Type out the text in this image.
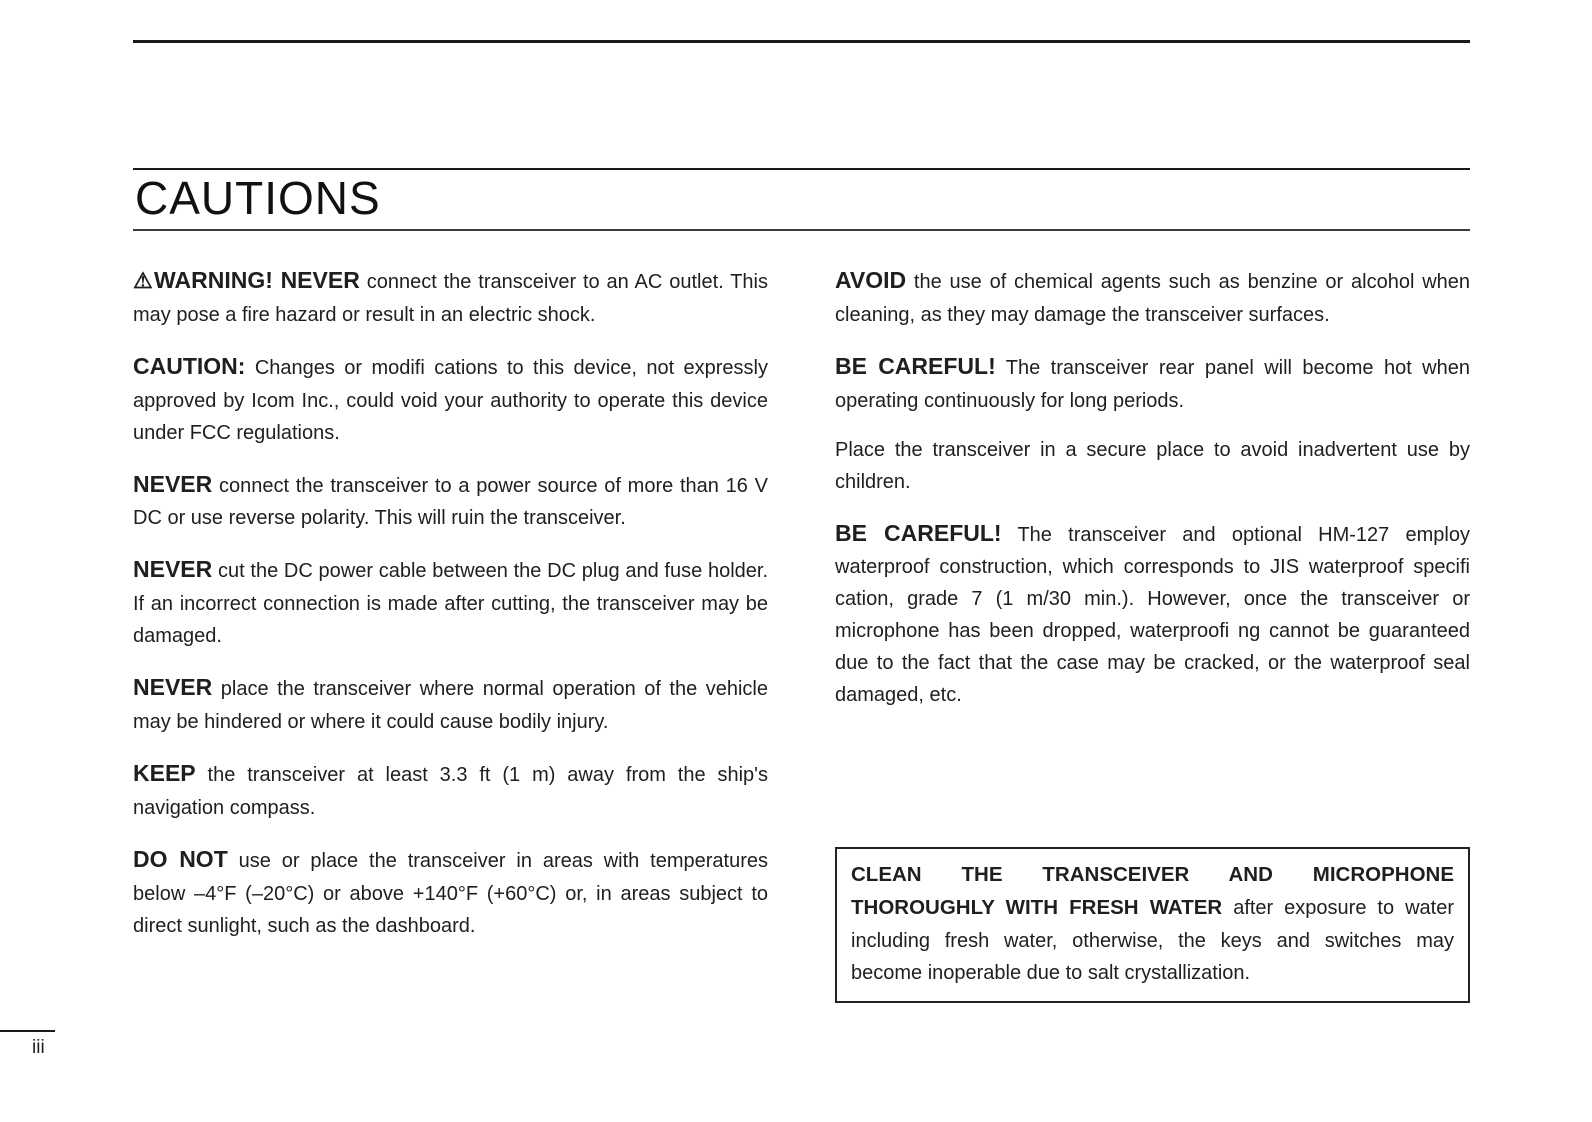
CAUTIONS

⚠WARNING! NEVER connect the transceiver to an AC outlet. This may pose a fire hazard or result in an electric shock.

CAUTION: Changes or modifi cations to this device, not expressly approved by Icom Inc., could void your authority to operate this device under FCC regulations.

NEVER connect the transceiver to a power source of more than 16 V DC or use reverse polarity. This will ruin the transceiver.

NEVER cut the DC power cable between the DC plug and fuse holder. If an incorrect connection is made after cutting, the transceiver may be damaged.

NEVER place the transceiver where normal operation of the vehicle may be hindered or where it could cause bodily injury.

KEEP the transceiver at least 3.3 ft (1 m) away from the ship's navigation compass.

DO NOT use or place the transceiver in areas with temperatures below –4°F (–20°C) or above +140°F (+60°C) or, in areas subject to direct sunlight, such as the dashboard.

AVOID the use of chemical agents such as benzine or alcohol when cleaning, as they may damage the transceiver surfaces.

BE CAREFUL! The transceiver rear panel will become hot when operating continuously for long periods.

Place the transceiver in a secure place to avoid inadvertent use by children.

BE CAREFUL! The transceiver and optional HM-127 employ waterproof construction, which corresponds to JIS waterproof specifi cation, grade 7 (1 m/30 min.). However, once the transceiver or microphone has been dropped, waterproofi ng cannot be guaranteed due to the fact that the case may be cracked, or the waterproof seal damaged, etc.

CLEAN THE TRANSCEIVER AND MICROPHONE THOROUGHLY WITH FRESH WATER after exposure to water including fresh water, otherwise, the keys and switches may become inoperable due to salt crystallization.
iii
